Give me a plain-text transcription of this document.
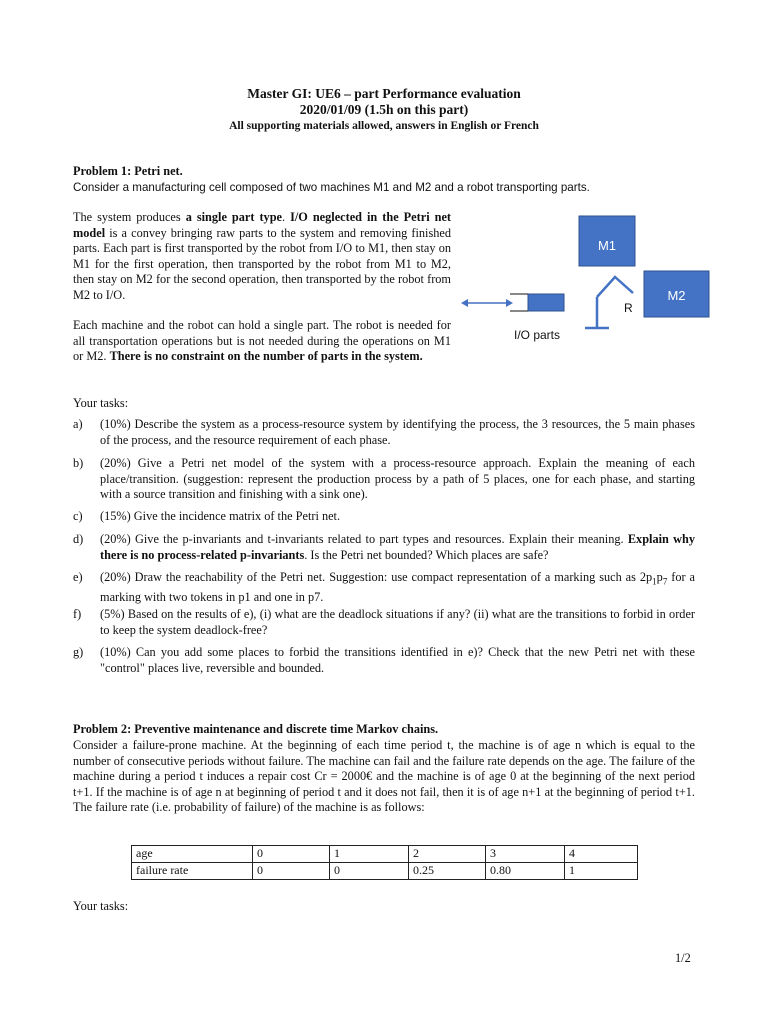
Master GI: UE6 – part Performance evaluation
2020/01/09 (1.5h on this part)
All supporting materials allowed, answers in English or French
Problem 1: Petri net.
Consider a manufacturing cell composed of two machines M1 and M2 and a robot transporting parts.
The system produces a single part type. I/O neglected in the Petri net model is a convey bringing raw parts to the system and removing finished parts. Each part is first transported by the robot from I/O to M1, then stay on M1 for the first operation, then transported by the robot from M1 to M2, then stay on M2 for the second operation, then transported by the robot from M2 to I/O.
Each machine and the robot can hold a single part. The robot is needed for all transportation operations but is not needed during the operations on M1 or M2. There is no constraint on the number of parts in the system.
M1
M2
R
I/O parts
Your tasks:
a) (10%) Describe the system as a process-resource system by identifying the process, the 3 resources, the 5 main phases of the process, and the resource requirement of each phase.
b) (20%) Give a Petri net model of the system with a process-resource approach. Explain the meaning of each place/transition. (suggestion: represent the production process by a path of 5 places, one for each phase, and starting with a source transition and finishing with a sink one).
c) (15%) Give the incidence matrix of the Petri net.
d) (20%) Give the p-invariants and t-invariants related to part types and resources. Explain their meaning. Explain why there is no process-related p-invariants. Is the Petri net bounded? Which places are safe?
e) (20%) Draw the reachability of the Petri net. Suggestion: use compact representation of a marking such as $2p_1p_7$ for a marking with two tokens in p1 and one in p7.
f) (5%) Based on the results of e), (i) what are the deadlock situations if any? (ii) what are the transitions to forbid in order to keep the system deadlock-free?
g) (10%) Can you add some places to forbid the transitions identified in e)? Check that the new Petri net with these "control" places live, reversible and bounded.
Problem 2: Preventive maintenance and discrete time Markov chains.
Consider a failure-prone machine. At the beginning of each time period t, the machine is of age n which is equal to the number of consecutive periods without failure. The machine can fail and the failure rate depends on the age. The failure of the machine during a period t induces a repair cost Cr = 2000€ and the machine is of age 0 at the beginning of the next period t+1. If the machine is of age n at beginning of period t and it does not fail, then it is of age n+1 at the beginning of period t+1. The failure rate (i.e. probability of failure) of the machine is as follows:
age	0	1	2	3	4
failure rate	0	0	0.25	0.80	1
Your tasks:
1/2
